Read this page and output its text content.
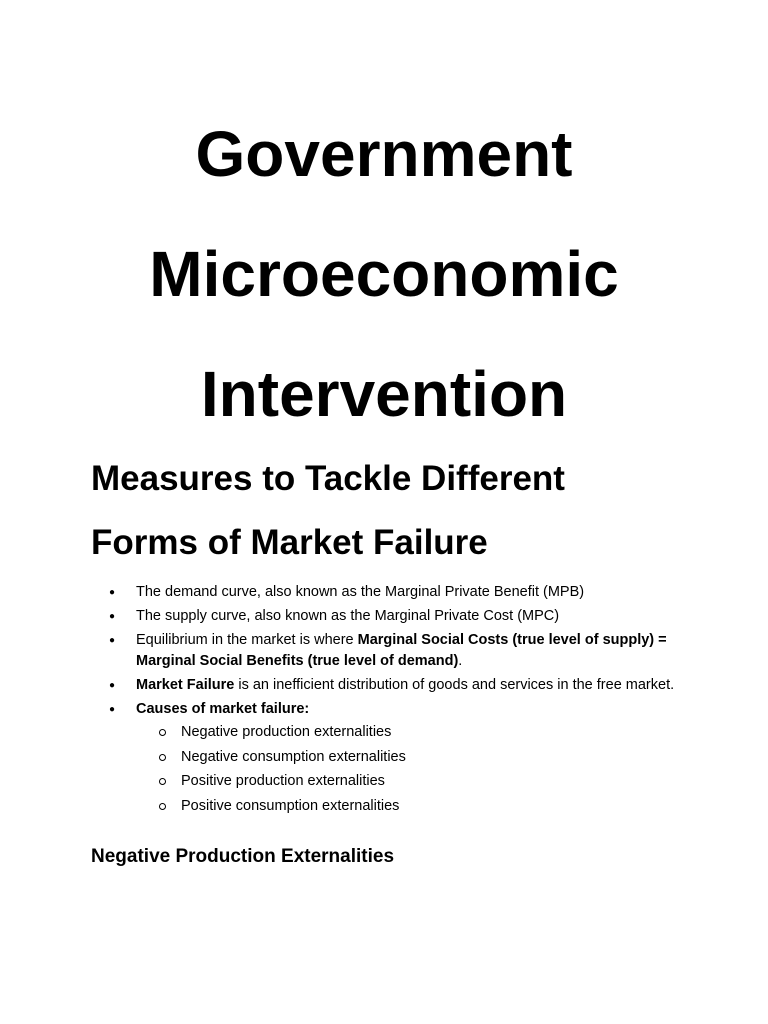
Government
Microeconomic
Intervention
Measures to Tackle Different
Forms of Market Failure
● The demand curve, also known as the Marginal Private Benefit (MPB)
● The supply curve, also known as the Marginal Private Cost (MPC)
● Equilibrium in the market is where Marginal Social Costs (true level of supply) = Marginal Social Benefits (true level of demand).
● Market Failure is an inefficient distribution of goods and services in the free market.
● Causes of market failure:
Negative production externalities
Negative consumption externalities
Positive production externalities
Positive consumption externalities
Negative Production Externalities
